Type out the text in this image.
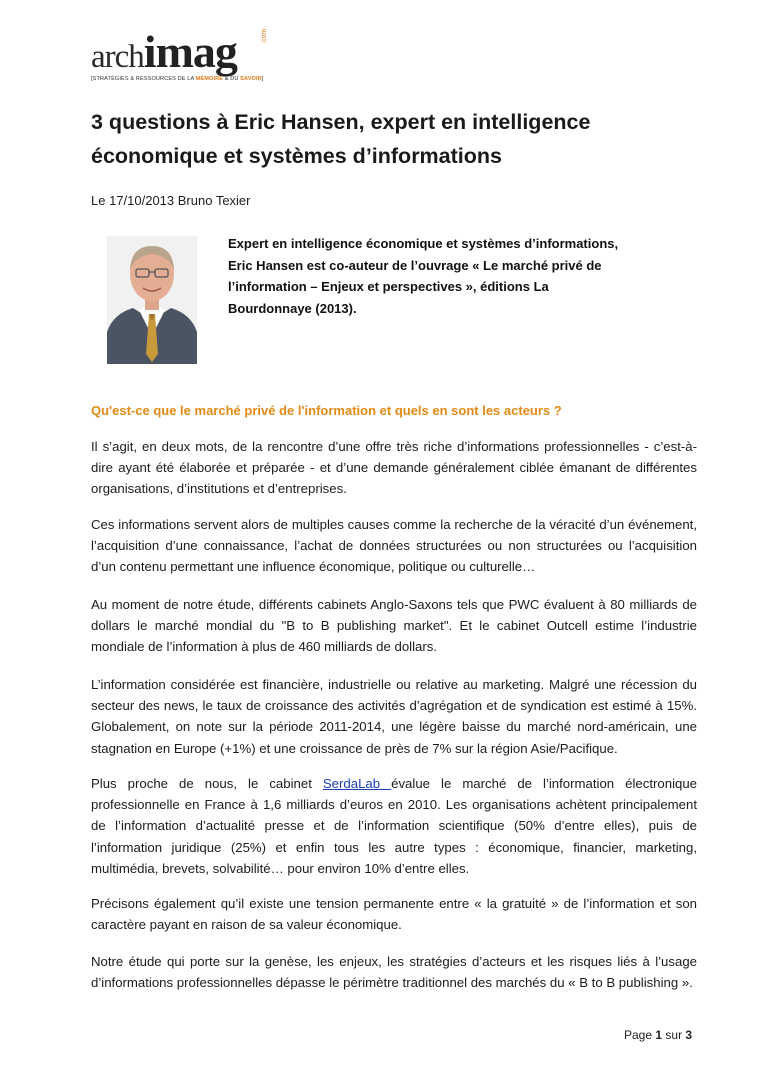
archimag	.com
[STRATÉGIES & RESSOURCES DE LA MÉMOIRE & DU SAVOIR]
3 questions à Eric Hansen, expert en intelligence économique et systèmes d’informations
Le 17/10/2013 Bruno Texier
Expert en intelligence économique et systèmes d’informations, Eric Hansen est co-auteur de l’ouvrage « Le marché privé de l’information – Enjeux et perspectives », éditions La Bourdonnaye (2013).
Qu'est-ce que le marché privé de l'information et quels en sont les acteurs ?

Il s’agit, en deux mots, de la rencontre d’une offre très riche d’informations professionnelles - c’est-à-dire ayant été élaborée et préparée - et d’une demande généralement ciblée émanant de différentes organisations, d’institutions et d’entreprises.

Ces informations servent alors de multiples causes comme la recherche de la véracité d’un événement, l’acquisition d’une connaissance, l’achat de données structurées ou non structurées ou l’acquisition d’un contenu permettant une influence économique, politique ou culturelle…

Au moment de notre étude, différents cabinets Anglo-Saxons tels que PWC évaluent à 80 milliards de dollars le marché mondial du "B to B publishing market". Et le cabinet Outcell estime l’industrie mondiale de l’information à plus de 460 milliards de dollars.

L’information considérée est financière, industrielle ou relative au marketing. Malgré une récession du secteur des news, le taux de croissance des activités d’agrégation et de syndication est estimé à 15%. Globalement, on note sur la période 2011-2014, une légère baisse du marché nord-américain, une stagnation en Europe (+1%) et une croissance de près de 7% sur la région Asie/Pacifique.

Plus proche de nous, le cabinet SerdaLab évalue le marché de l’information électronique professionnelle en France à 1,6 milliards d’euros en 2010. Les organisations achètent principalement de l’information d’actualité presse et de l’information scientifique (50% d’entre elles), puis de l’information juridique (25%) et enfin tous les autre types : économique, financier, marketing, multimédia, brevets, solvabilité… pour environ 10% d’entre elles.

Précisons également qu’il existe une tension permanente entre « la gratuité » de l’information et son caractère payant en raison de sa valeur économique.

Notre étude qui porte sur la genèse, les enjeux, les stratégies d’acteurs et les risques liés à l’usage d’informations professionnelles dépasse le périmètre traditionnel des marchés du « B to B publishing ».

Page 1 sur 3
